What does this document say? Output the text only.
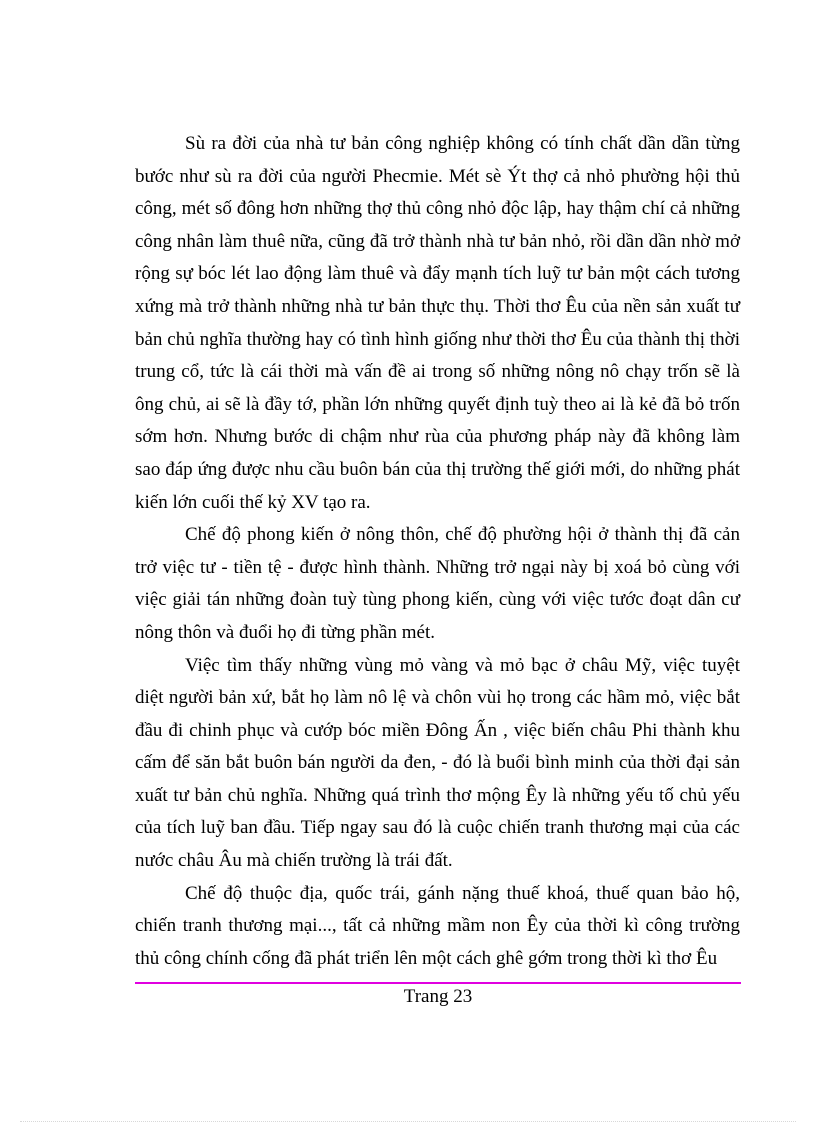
Sù ra đời của nhà tư bản công nghiệp không có tính chất dần dần từng bước như sù ra đời của người Phecmie. Mét sè Ýt thợ cả nhỏ phường hội thủ công, mét số đông hơn những thợ thủ công nhỏ độc lập, hay thậm chí cả những công nhân làm thuê nữa, cũng đã trở thành nhà tư bản nhỏ, rồi dần dần nhờ mở rộng sự bóc lét lao động làm thuê và đẩy mạnh tích luỹ tư bản một cách tương xứng mà trở thành những nhà tư bản thực thụ. Thời thơ Êu của nền sản xuất tư bản chủ nghĩa thường hay có tình hình giống như thời thơ Êu của thành thị thời trung cổ, tức là cái thời mà vấn đề ai trong số những nông nô chạy trốn sẽ là ông chủ, ai sẽ là đầy tớ, phần lớn những quyết định tuỳ theo ai là kẻ đã bỏ trốn sớm hơn. Nhưng bước di chậm như rùa của phương pháp này đã không làm sao đáp ứng được nhu cầu buôn bán của thị trường thế giới mới, do những phát kiến lớn cuối thế kỷ XV tạo ra.

Chế độ phong kiến ở nông thôn, chế độ phường hội ở thành thị đã cản trở việc tư - tiền tệ - được hình thành. Những trở ngại này bị xoá bỏ cùng với việc giải tán những đoàn tuỳ tùng phong kiến, cùng với việc tước đoạt dân cư nông thôn và đuổi họ đi từng phần mét.

Việc tìm thấy những vùng mỏ vàng và mỏ bạc ở châu Mỹ, việc tuyệt diệt người bản xứ, bắt họ làm nô lệ và chôn vùi họ trong các hầm mỏ, việc bắt đầu đi chinh phục và cướp bóc miền Đông Ấn , việc biến châu Phi thành khu cấm để săn bắt buôn bán người da đen, - đó là buổi bình minh của thời đại sản xuất tư bản chủ nghĩa. Những quá trình thơ mộng Êy là những yếu tố chủ yếu của tích luỹ ban đầu. Tiếp ngay sau đó là cuộc chiến tranh thương mại của các nước châu Âu mà chiến trường là trái đất.

Chế độ thuộc địa, quốc trái, gánh nặng thuế khoá, thuế quan bảo hộ, chiến tranh thương mại..., tất cả những mầm non Êy của thời kì công trường thủ công chính cống đã phát triển lên một cách ghê gớm trong thời kì thơ Êu

Trang 23
